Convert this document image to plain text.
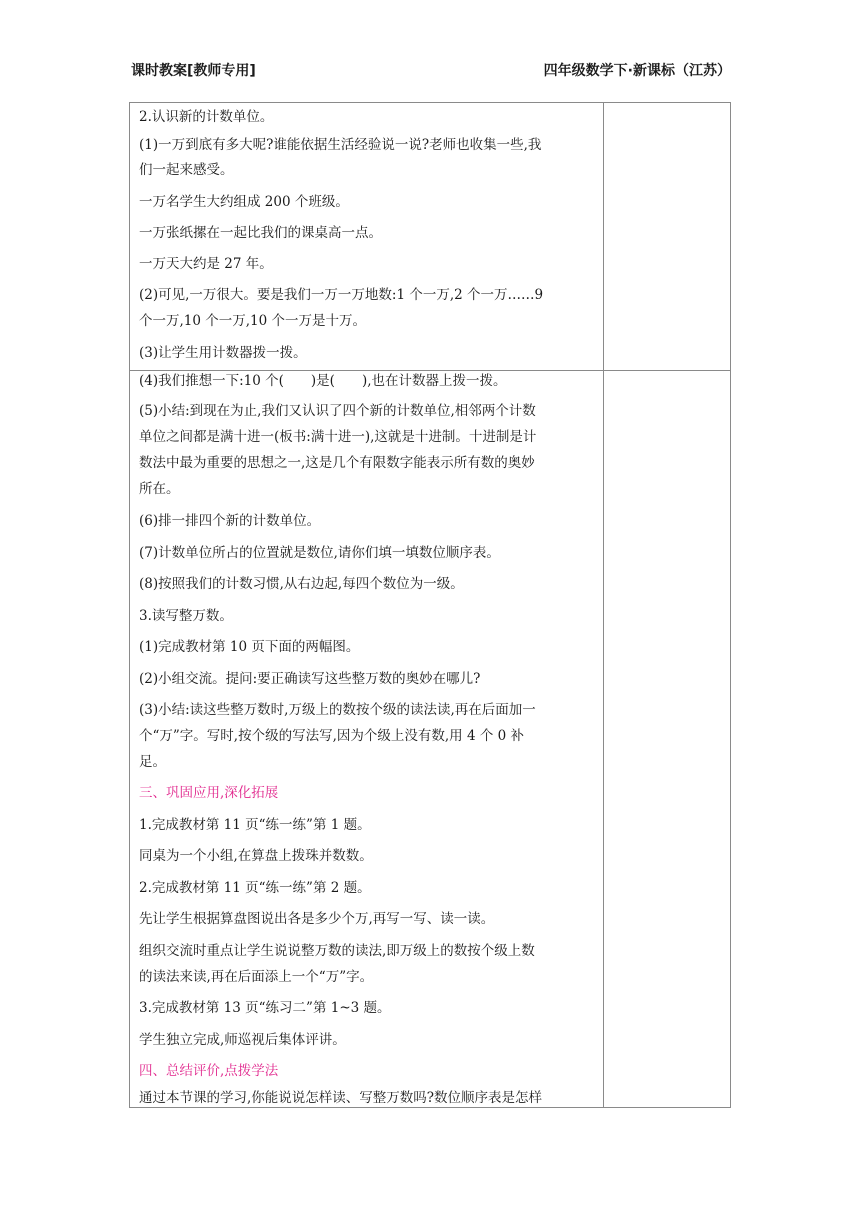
课时教案[教师专用]	四年级数学下·新课标（江苏）
2.认识新的计数单位。
(1)一万到底有多大呢?谁能依据生活经验说一说?老师也收集一些,我
们一起来感受。
一万名学生大约组成 200 个班级。
一万张纸摞在一起比我们的课桌高一点。
一万天大约是 27 年。
(2)可见,一万很大。要是我们一万一万地数:1 个一万,2 个一万……9
个一万,10 个一万,10 个一万是十万。
(3)让学生用计数器拨一拨。
(4)我们推想一下:10 个(　　)是(　　),也在计数器上拨一拨。
(5)小结:到现在为止,我们又认识了四个新的计数单位,相邻两个计数
单位之间都是满十进一(板书:满十进一),这就是十进制。十进制是计
数法中最为重要的思想之一,这是几个有限数字能表示所有数的奥妙
所在。
(6)排一排四个新的计数单位。
(7)计数单位所占的位置就是数位,请你们填一填数位顺序表。
(8)按照我们的计数习惯,从右边起,每四个数位为一级。
3.读写整万数。
(1)完成教材第 10 页下面的两幅图。
(2)小组交流。提问:要正确读写这些整万数的奥妙在哪儿?
(3)小结:读这些整万数时,万级上的数按个级的读法读,再在后面加一
个“万”字。写时,按个级的写法写,因为个级上没有数,用 4 个 0 补
足。
三、巩固应用,深化拓展
1.完成教材第 11 页“练一练”第 1 题。
同桌为一个小组,在算盘上拨珠并数数。
2.完成教材第 11 页“练一练”第 2 题。
先让学生根据算盘图说出各是多少个万,再写一写、读一读。
组织交流时重点让学生说说整万数的读法,即万级上的数按个级上数
的读法来读,再在后面添上一个“万”字。
3.完成教材第 13 页“练习二”第 1~3 题。
学生独立完成,师巡视后集体评讲。
四、总结评价,点拨学法
通过本节课的学习,你能说说怎样读、写整万数吗?数位顺序表是怎样
